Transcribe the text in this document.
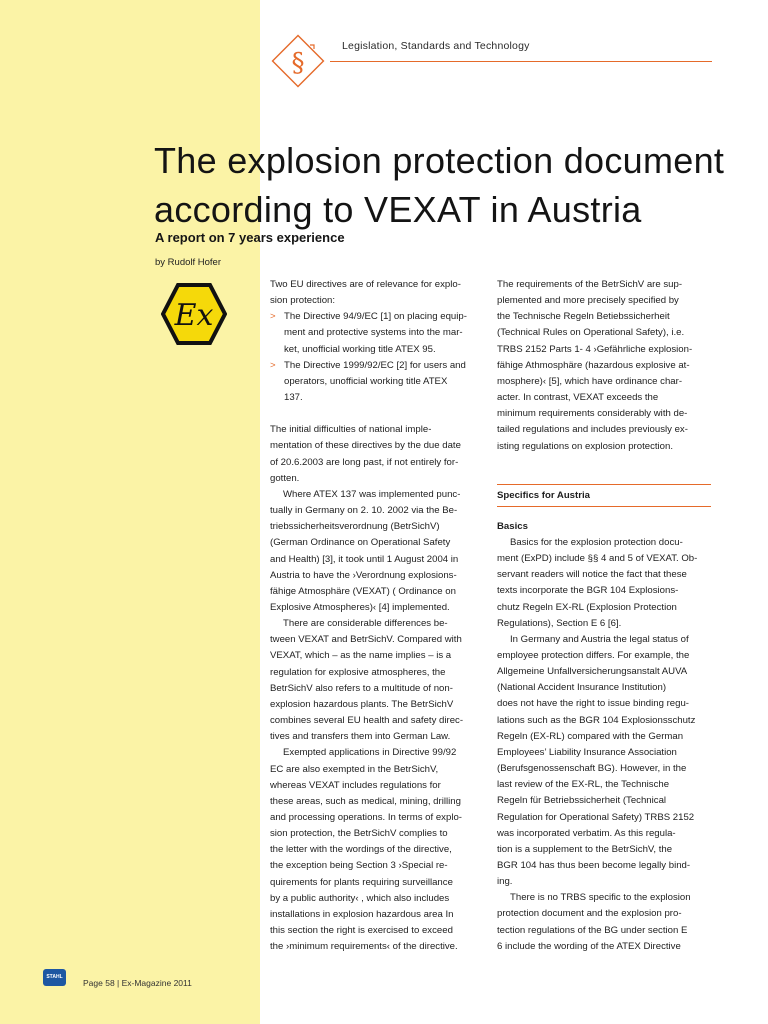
§
Legislation, Standards and Technology
The explosion protection document according to VEXAT in Austria
A report on 7 years experience
by Rudolf Hofer
Ex

Two EU directives are of relevance for explo-

sion protection:

> The Directive 94/9/EC [1] on placing equip-

ment and protective systems into the mar-

ket, unofficial working title ATEX 95.

> The Directive 1999/92/EC [2] for users and

operators, unofficial working title ATEX

137.

The initial difficulties of national imple-

mentation of these directives by the due date

of 20.6.2003 are long past, if not entirely for-

gotten.

Where ATEX 137 was implemented punc-

tually in Germany on 2. 10. 2002 via the Be-

triebssicherheitsverordnung (BetrSichV)

(German Ordinance on Operational Safety

and Health) [3], it took until 1 August 2004 in

Austria to have the ›Verordnung explosions-

fähige Atmosphäre (VEXAT) ( Ordinance on

Explosive Atmospheres)‹ [4] implemented.

There are considerable differences be-

tween VEXAT and BetrSichV. Compared with

VEXAT, which – as the name implies – is a

regulation for explosive atmospheres, the

BetrSichV also refers to a multitude of non-

explosion hazardous plants. The BetrSichV

combines several EU health and safety direc-

tives and transfers them into German Law.

Exempted applications in Directive 99/92

EC are also exempted in the BetrSichV,

whereas VEXAT includes regulations for

these areas, such as medical, mining, drilling

and processing operations. In terms of explo-

sion protection, the BetrSichV complies to

the letter with the wordings of the directive,

the exception being Section 3 ›Special re-

quirements for plants requiring surveillance

by a public authority‹ , which also includes

installations in explosion hazardous area In

this section the right is exercised to exceed

the ›minimum requirements‹ of the directive.

The requirements of the BetrSichV are sup-

plemented and more precisely specified by

the Technische Regeln Betiebssicherheit

(Technical Rules on Operational Safety), i.e.

TRBS 2152 Parts 1- 4 ›Gefährliche explosion-

fähige Athmosphäre (hazardous explosive at-

mosphere)‹ [5], which have ordinance char-

acter. In contrast, VEXAT exceeds the

minimum requirements considerably with de-

tailed regulations and includes previously ex-

isting regulations on explosion protection.

Specifics for Austria

Basics

Basics for the explosion protection docu-

ment (ExPD) include §§ 4 and 5 of VEXAT. Ob-

servant readers will notice the fact that these

texts incorporate the BGR 104 Explosions-

chutz Regeln EX-RL (Explosion Protection

Regulations), Section E 6 [6].

In Germany and Austria the legal status of

employee protection differs. For example, the

Allgemeine Unfallversicherungsanstalt AUVA

(National Accident Insurance Institution)

does not have the right to issue binding regu-

lations such as the BGR 104 Explosionsschutz

Regeln (EX-RL) compared with the German

Employees’ Liability Insurance Association

(Berufsgenossenschaft BG). However, in the

last review of the EX-RL, the Technische

Regeln für Betriebssicherheit (Technical

Regulation for Operational Safety) TRBS 2152

was incorporated verbatim. As this regula-

tion is a supplement to the BetrSichV, the

BGR 104 has thus been become legally bind-

ing.

There is no TRBS specific to the explosion

protection document and the explosion pro-

tection regulations of the BG under section E

6 include the wording of the ATEX Directive

STAHL
Page 58 | Ex-Magazine 2011
